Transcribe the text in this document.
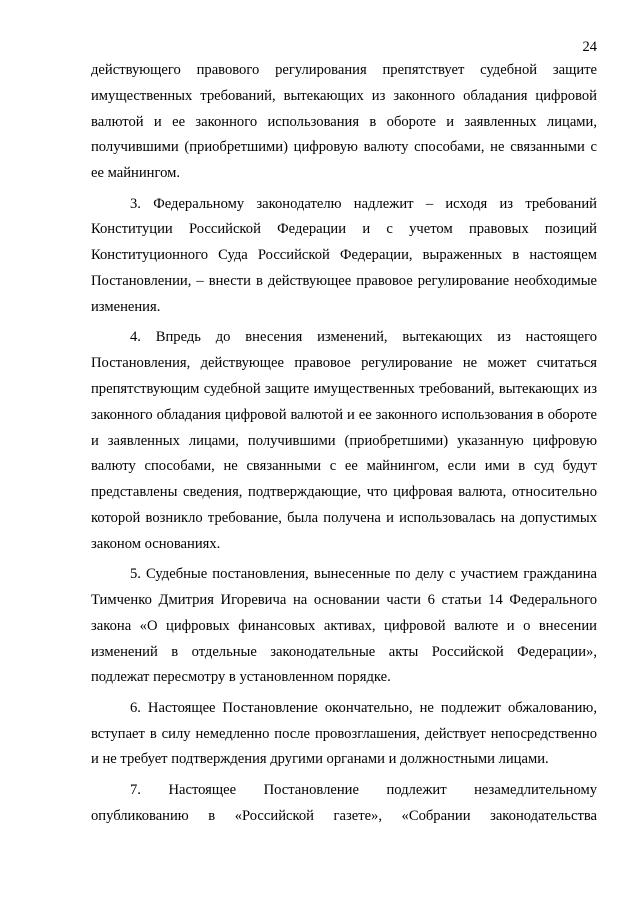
24

действующего правового регулирования препятствует судебной защите имущественных требований, вытекающих из законного обладания цифровой валютой и ее законного использования в обороте и заявленных лицами, получившими (приобретшими) цифровую валюту способами, не связанными с ее майнингом.

3. Федеральному законодателю надлежит – исходя из требований Конституции Российской Федерации и с учетом правовых позиций Конституционного Суда Российской Федерации, выраженных в настоящем Постановлении, – внести в действующее правовое регулирование необходимые изменения.

4. Впредь до внесения изменений, вытекающих из настоящего Постановления, действующее правовое регулирование не может считаться препятствующим судебной защите имущественных требований, вытекающих из законного обладания цифровой валютой и ее законного использования в обороте и заявленных лицами, получившими (приобретшими) указанную цифровую валюту способами, не связанными с ее майнингом, если ими в суд будут представлены сведения, подтверждающие, что цифровая валюта, относительно которой возникло требование, была получена и использовалась на допустимых законом основаниях.

5. Судебные постановления, вынесенные по делу с участием гражданина Тимченко Дмитрия Игоревича на основании части 6 статьи 14 Федерального закона «О цифровых финансовых активах, цифровой валюте и о внесении изменений в отдельные законодательные акты Российской Федерации», подлежат пересмотру в установленном порядке.

6. Настоящее Постановление окончательно, не подлежит обжалованию, вступает в силу немедленно после провозглашения, действует непосредственно и не требует подтверждения другими органами и должностными лицами.

7. Настоящее Постановление подлежит незамедлительному опубликованию в «Российской газете», «Собрании законодательства
